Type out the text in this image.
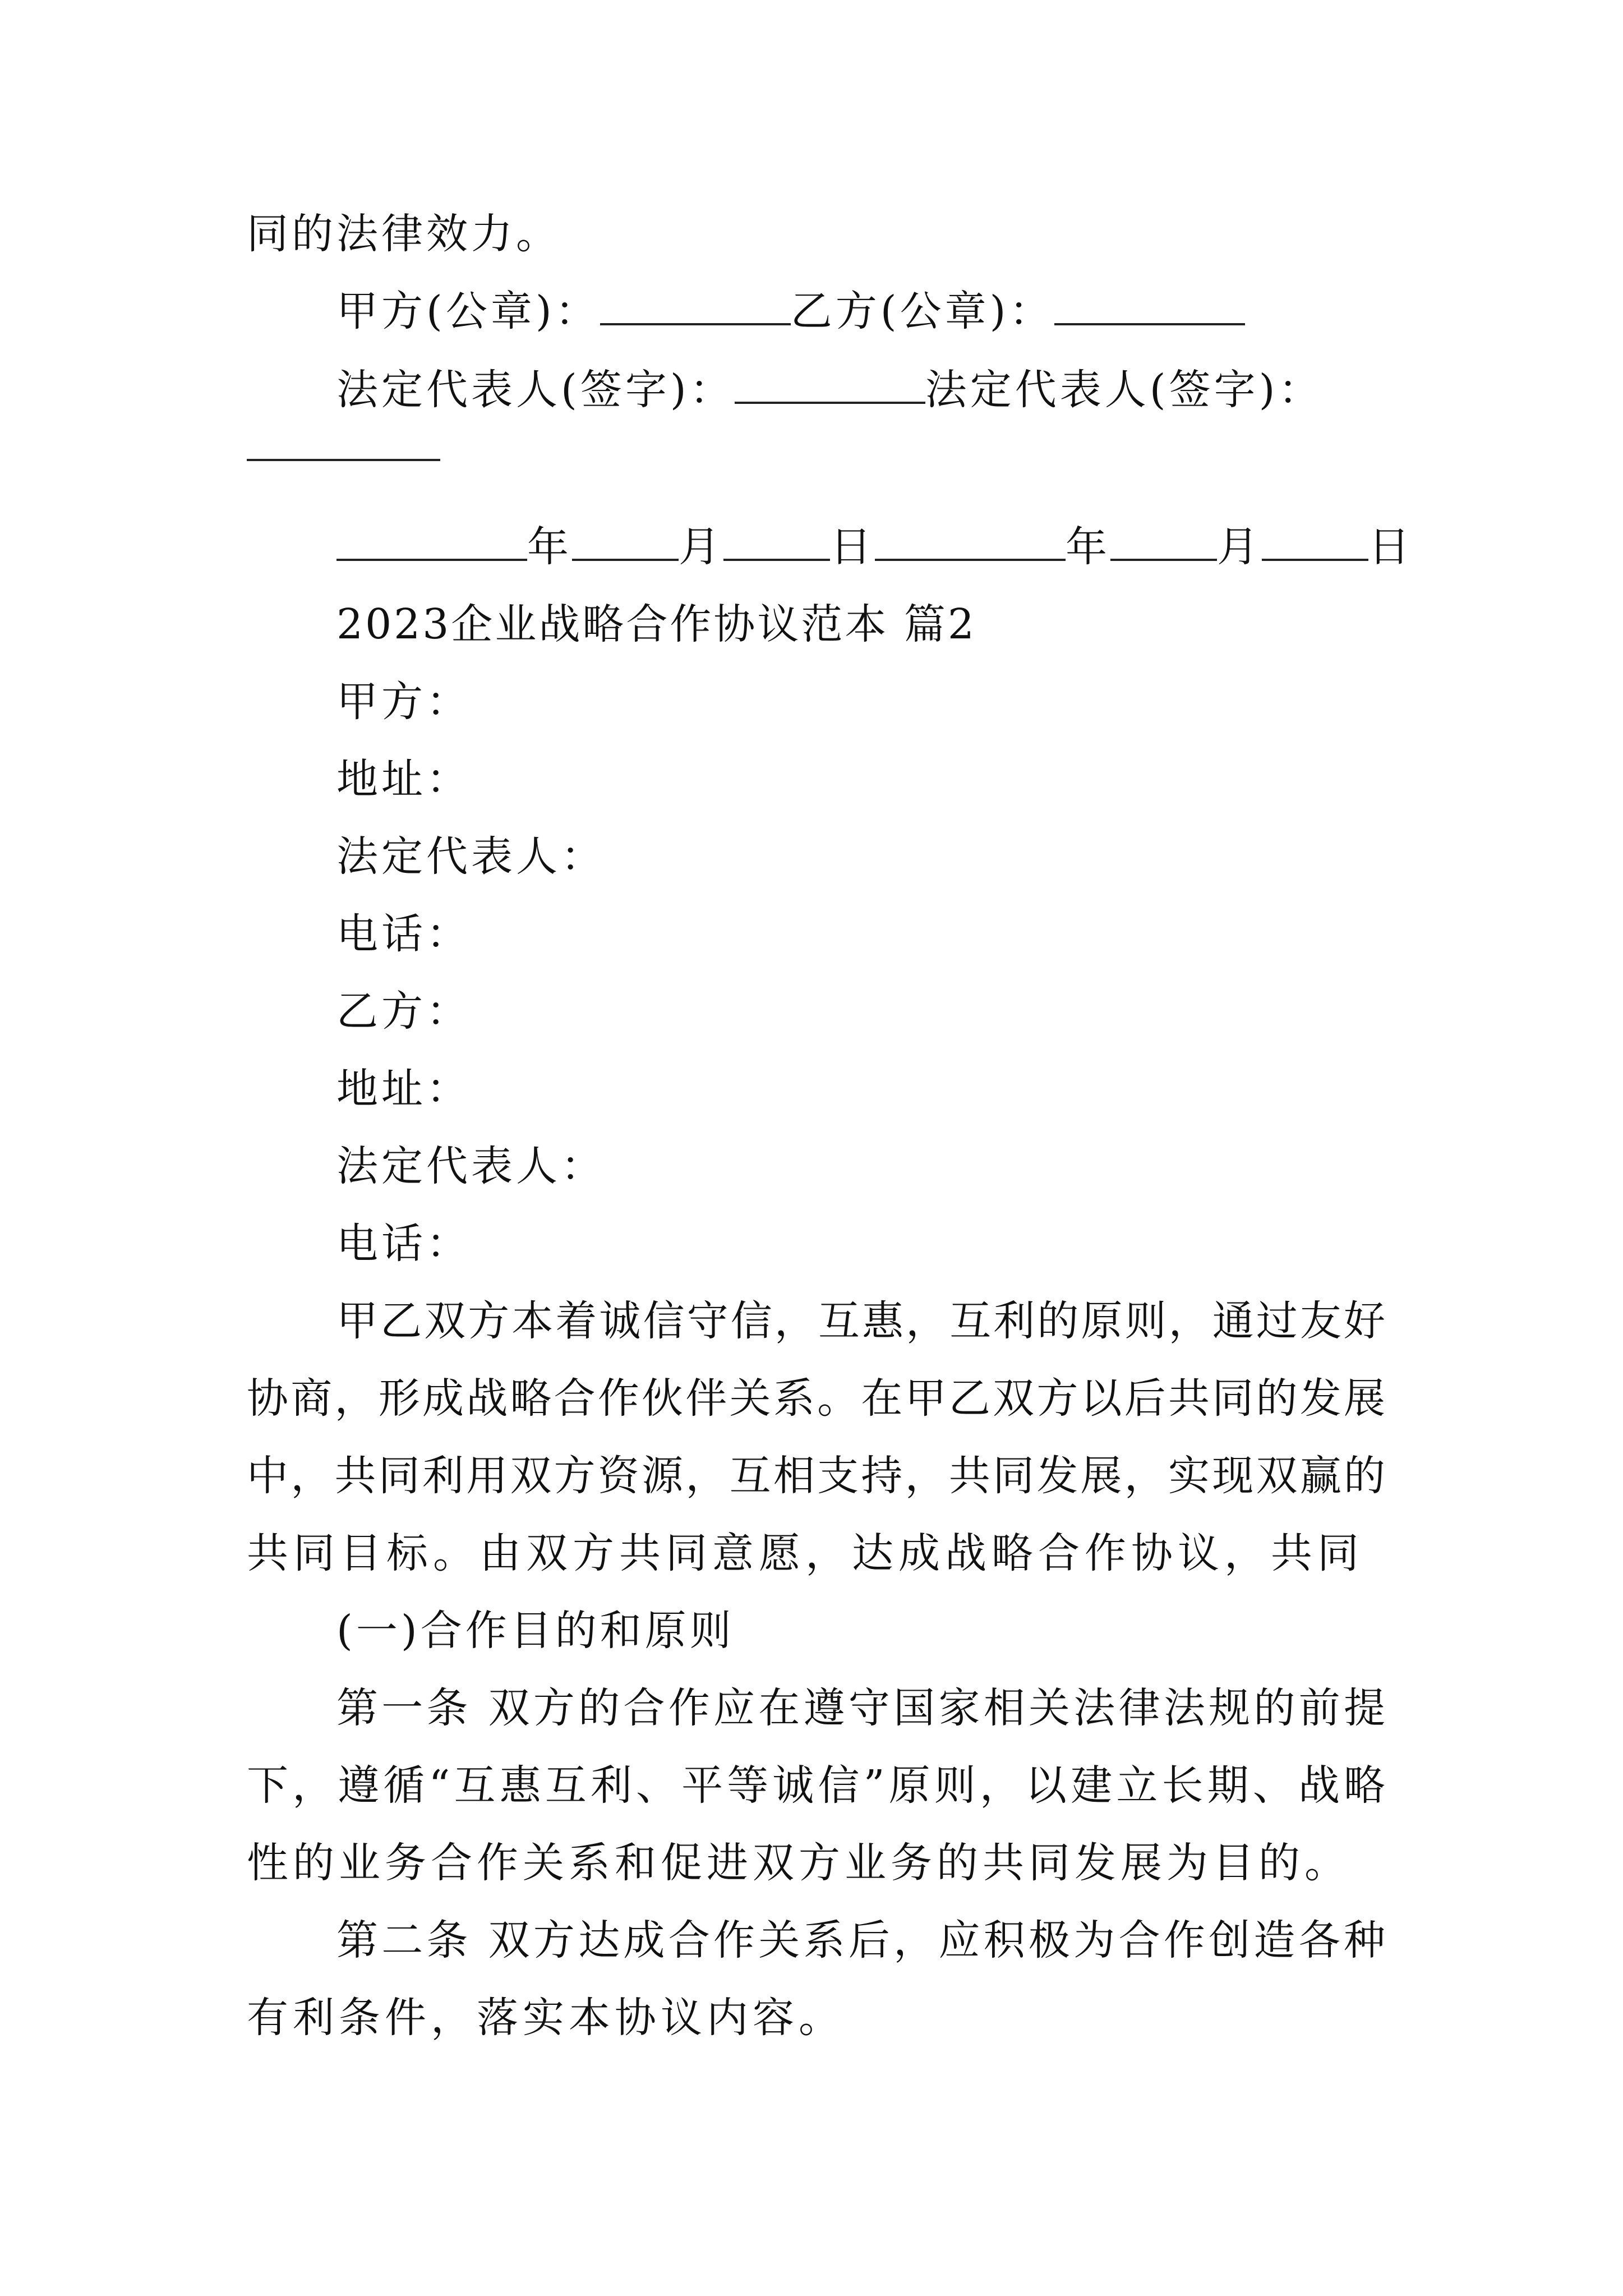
同的法律效力。
甲方(公章)：	乙方(公章)：
法定代表人(签字)：	法定代表人(签字)：
年	月	日	年	月	日
2023企业战略合作协议范本 篇2
甲方：
地址：
法定代表人：
电话：
乙方：
地址：
法定代表人：
电话：
甲乙双方本着诚信守信，互惠，互利的原则，通过友好
协商，形成战略合作伙伴关系。在甲乙双方以后共同的发展
中，共同利用双方资源，互相支持，共同发展，实现双赢的
共同目标。由双方共同意愿，达成战略合作协议，共同
(一)合作目的和原则
第一条 双方的合作应在遵守国家相关法律法规的前提
下，遵循“互惠互利、平等诚信”原则，以建立长期、战略
性的业务合作关系和促进双方业务的共同发展为目的。
第二条 双方达成合作关系后，应积极为合作创造各种
有利条件，落实本协议内容。
